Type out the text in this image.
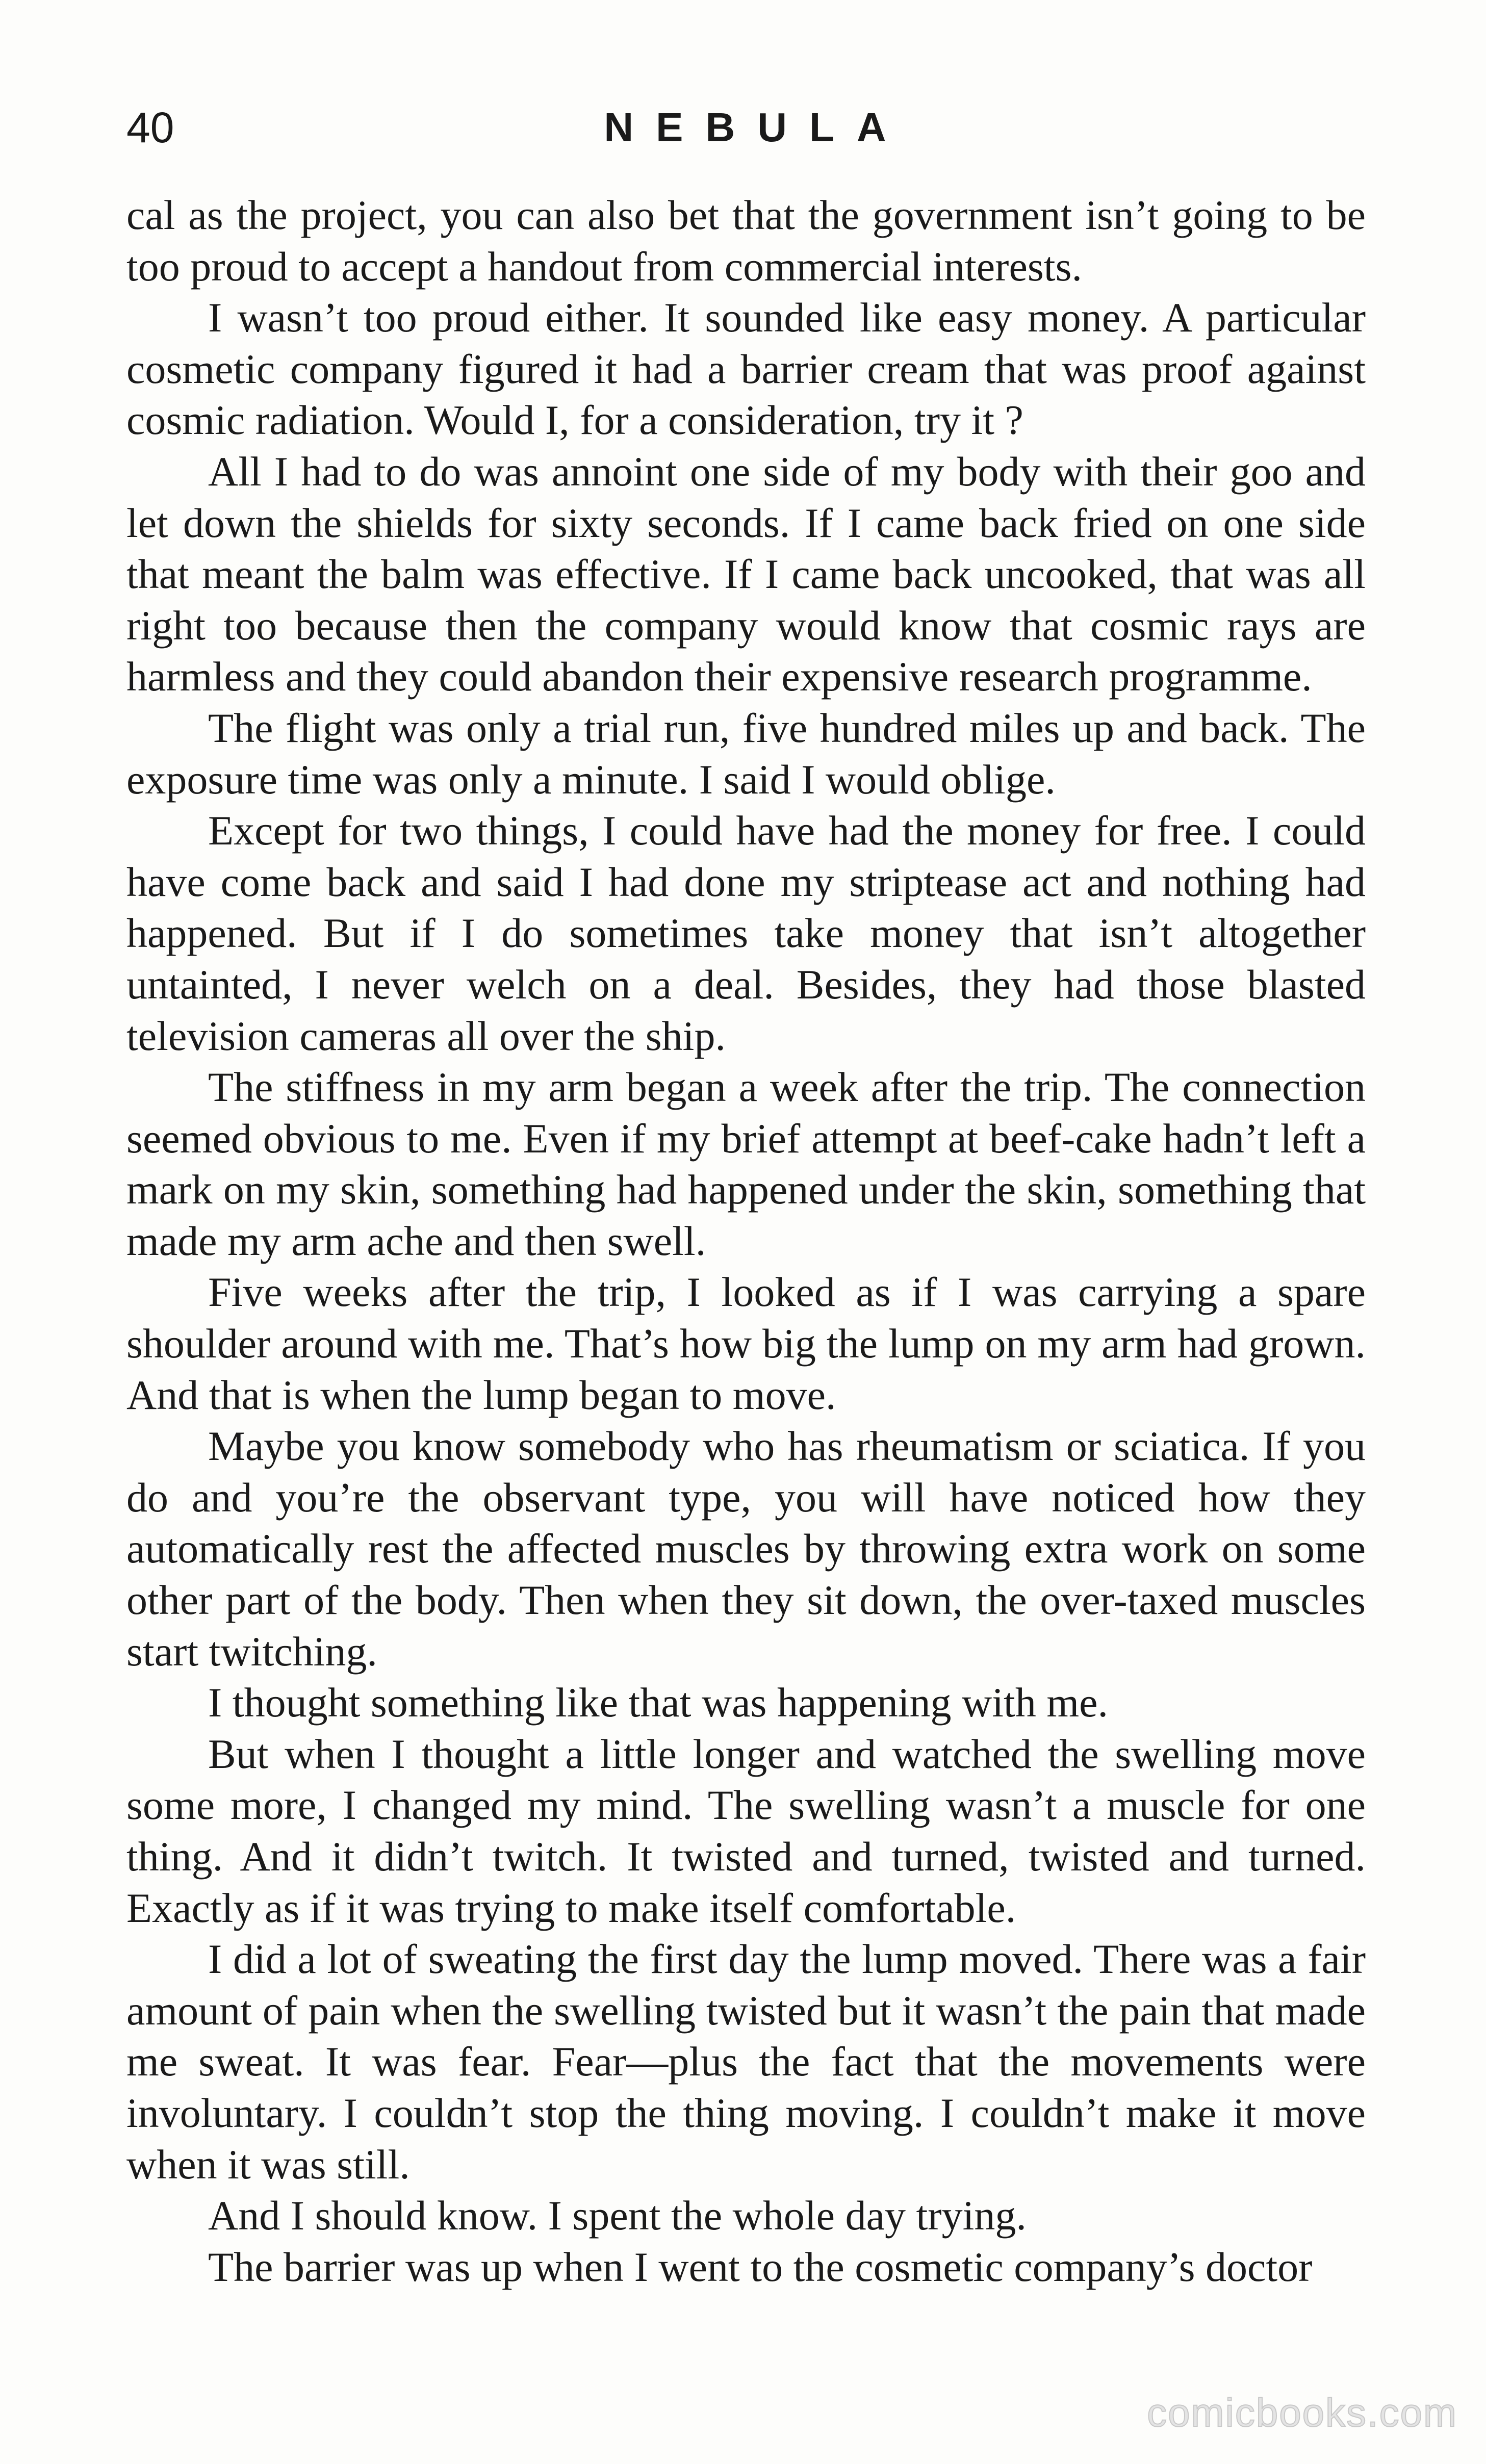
40	NEBULA

cal as the project, you can also bet that the government isn’t going to be too proud to accept a handout from commercial interests.

I wasn’t too proud either. It sounded like easy money. A particular cosmetic company figured it had a barrier cream that was proof against cosmic radiation. Would I, for a consideration, try it ?

All I had to do was annoint one side of my body with their goo and let down the shields for sixty seconds. If I came back fried on one side that meant the balm was effective. If I came back uncooked, that was all right too because then the company would know that cosmic rays are harmless and they could abandon their expensive research programme.

The flight was only a trial run, five hundred miles up and back. The exposure time was only a minute. I said I would oblige.

Except for two things, I could have had the money for free. I could have come back and said I had done my striptease act and nothing had happened. But if I do sometimes take money that isn’t altogether untainted, I never welch on a deal. Besides, they had those blasted television cameras all over the ship.

The stiffness in my arm began a week after the trip. The connection seemed obvious to me. Even if my brief attempt at beef-cake hadn’t left a mark on my skin, something had happened under the skin, something that made my arm ache and then swell.

Five weeks after the trip, I looked as if I was carrying a spare shoulder around with me. That’s how big the lump on my arm had grown. And that is when the lump began to move.

Maybe you know somebody who has rheumatism or sciatica. If you do and you’re the observant type, you will have noticed how they automatically rest the affected muscles by throwing extra work on some other part of the body. Then when they sit down, the over-taxed muscles start twitching.

I thought something like that was happening with me.

But when I thought a little longer and watched the swelling move some more, I changed my mind. The swelling wasn’t a muscle for one thing. And it didn’t twitch. It twisted and turned, twisted and turned. Exactly as if it was trying to make itself comfortable.

I did a lot of sweating the first day the lump moved. There was a fair amount of pain when the swelling twisted but it wasn’t the pain that made me sweat. It was fear. Fear—plus the fact that the movements were involuntary. I couldn’t stop the thing moving. I couldn’t make it move when it was still.

And I should know. I spent the whole day trying.

The barrier was up when I went to the cosmetic company’s doctor

comicbooks.com
